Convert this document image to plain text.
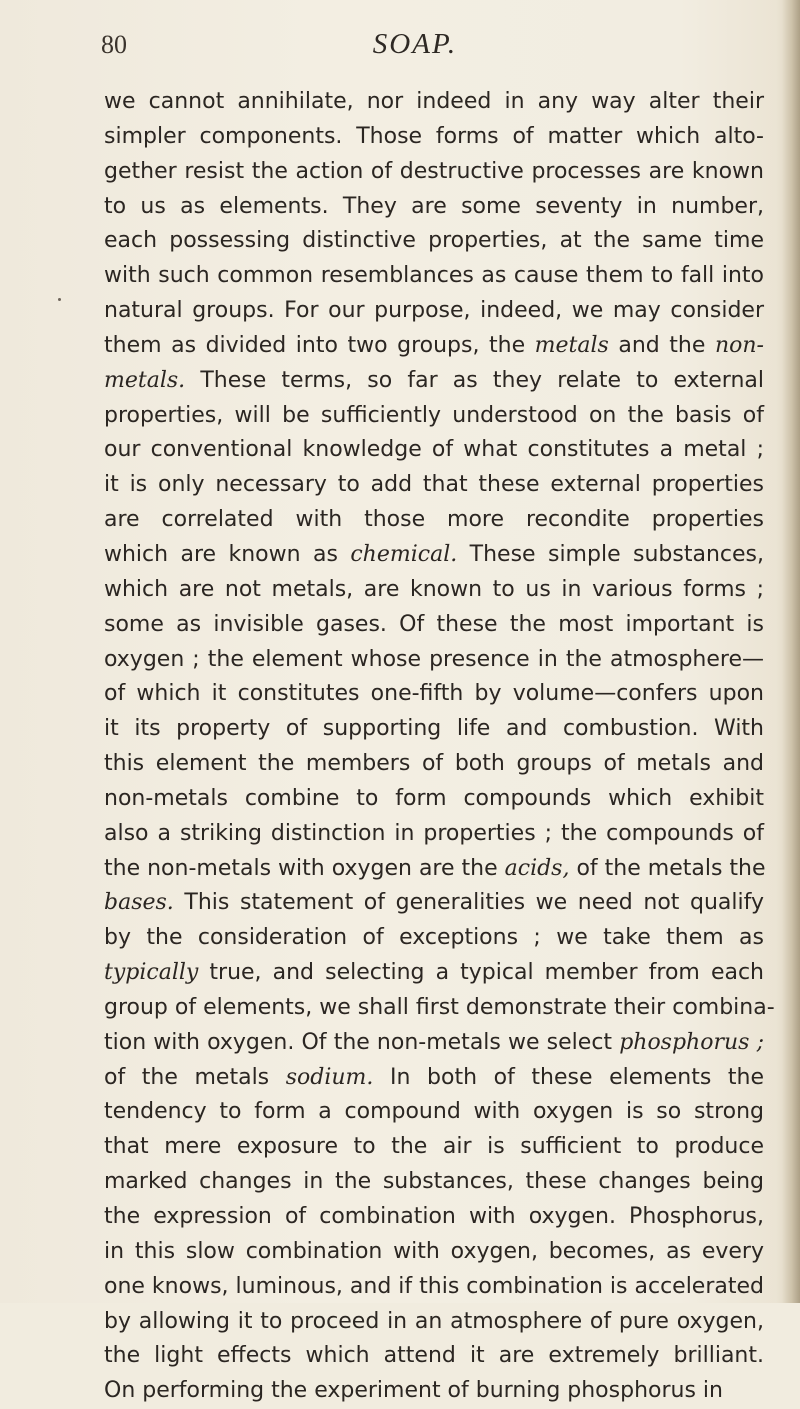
80	SOAP.
we cannot annihilate, nor indeed in any way alter their
simpler components. Those forms of matter which alto-
gether resist the action of destructive processes are known
to us as elements. They are some seventy in number,
each possessing distinctive properties, at the same time
with such common resemblances as cause them to fall into
natural groups. For our purpose, indeed, we may consider
them as divided into two groups, the metals and the non-
metals. These terms, so far as they relate to external
properties, will be sufficiently understood on the basis of
our conventional knowledge of what constitutes a metal ;
it is only necessary to add that these external properties
are correlated with those more recondite properties
which are known as chemical. These simple substances,
which are not metals, are known to us in various forms ;
some as invisible gases. Of these the most important is
oxygen ; the element whose presence in the atmosphere—
of which it constitutes one-fifth by volume—confers upon
it its property of supporting life and combustion. With
this element the members of both groups of metals and
non-metals combine to form compounds which exhibit
also a striking distinction in properties ; the compounds of
the non-metals with oxygen are the acids, of the metals the
bases. This statement of generalities we need not qualify
by the consideration of exceptions ; we take them as
typically true, and selecting a typical member from each
group of elements, we shall first demonstrate their combina-
tion with oxygen. Of the non-metals we select phosphorus ;
of the metals sodium. In both of these elements the
tendency to form a compound with oxygen is so strong
that mere exposure to the air is sufficient to produce
marked changes in the substances, these changes being
the expression of combination with oxygen. Phosphorus,
in this slow combination with oxygen, becomes, as every
one knows, luminous, and if this combination is accelerated
by allowing it to proceed in an atmosphere of pure oxygen,
the light effects which attend it are extremely brilliant.
On performing the experiment of burning phosphorus in
